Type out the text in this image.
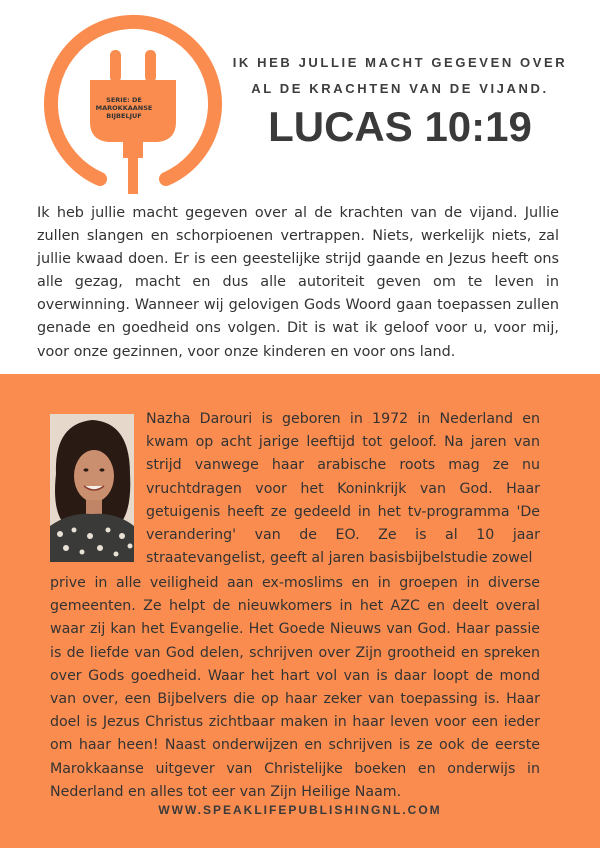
SERIE: DE MAROKKAANSE BIJBELJUF
IK HEB JULLIE MACHT GEGEVEN OVER AL DE KRACHTEN VAN DE VIJAND.
LUCAS 10:19

Ik heb jullie macht gegeven over al de krachten van de vijand. Jullie zullen slangen en schorpioenen vertrappen. Niets, werkelijk niets, zal jullie kwaad doen. Er is een geestelijke strijd gaande en Jezus heeft ons alle gezag, macht en dus alle autoriteit geven om te leven in overwinning. Wanneer wij gelovigen Gods Woord gaan toepassen zullen genade en goedheid ons volgen. Dit is wat ik geloof voor u, voor mij, voor onze gezinnen, voor onze kinderen en voor ons land.

Nazha Darouri is geboren in 1972 in Nederland en kwam op acht jarige leeftijd tot geloof. Na jaren van strijd vanwege haar arabische roots mag ze nu vruchtdragen voor het Koninkrijk van God. Haar getuigenis heeft ze gedeeld in het tv-programma 'De verandering' van de EO. Ze is al 10 jaar straatevangelist, geeft al jaren basisbijbelstudie zowel

prive in alle veiligheid aan ex-moslims en in groepen in diverse gemeenten. Ze helpt de nieuwkomers in het AZC en deelt overal waar zij kan het Evangelie. Het Goede Nieuws van God. Haar passie is de liefde van God delen, schrijven over Zijn grootheid en spreken over Gods goedheid. Waar het hart vol van is daar loopt de mond van over, een Bijbelvers die op haar zeker van toepassing is. Haar doel is Jezus Christus zichtbaar maken in haar leven voor een ieder om haar heen! Naast onderwijzen en schrijven is ze ook de eerste Marokkaanse uitgever van Christelijke boeken en onderwijs in Nederland en alles tot eer van Zijn Heilige Naam.

WWW.SPEAKLIFEPUBLISHINGNL.COM
